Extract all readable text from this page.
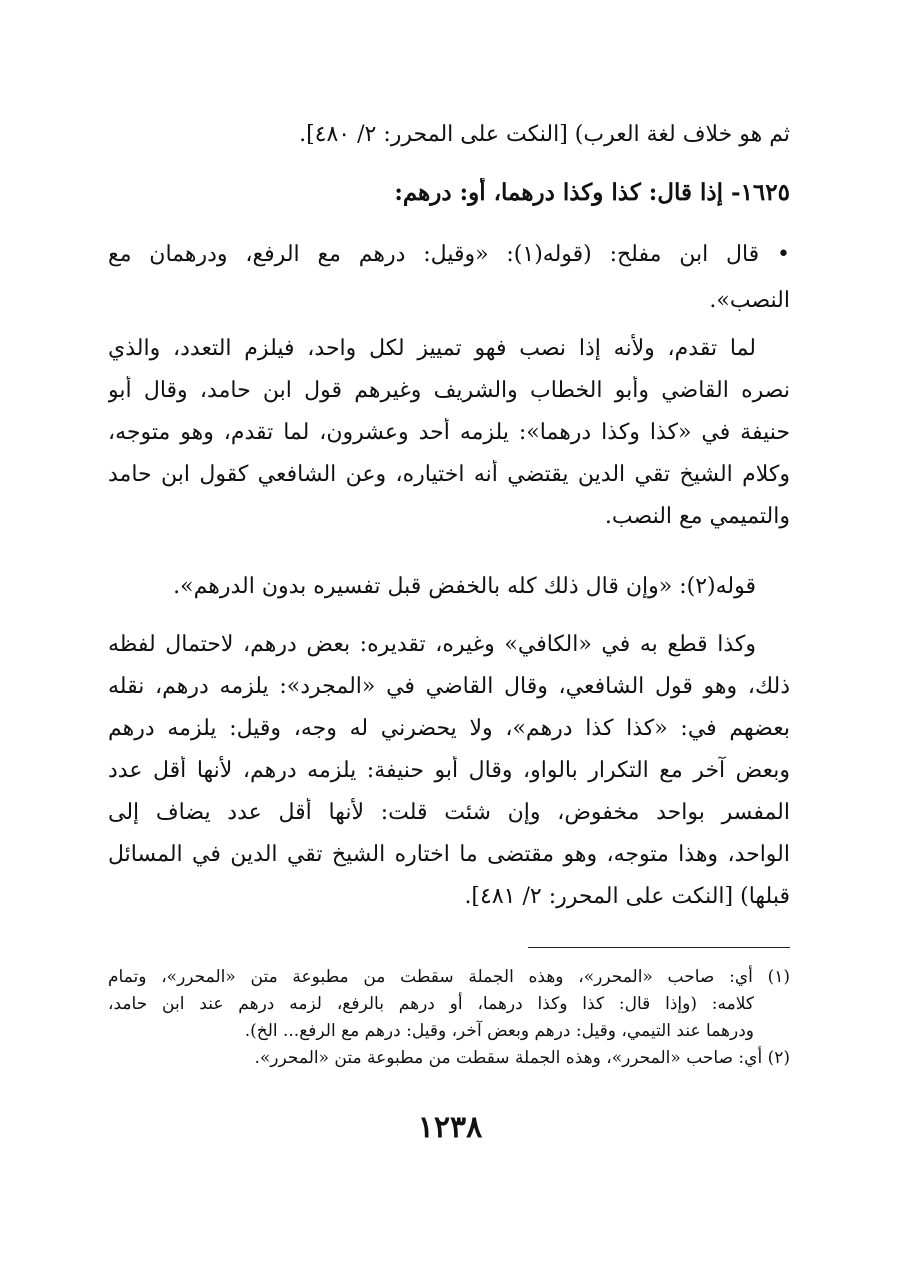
ثم هو خلاف لغة العرب) [النكت على المحرر: ٢/ ٤٨٠].
١٦٢٥- إذا قال: كذا وكذا درهما، أو: درهم:
• قال ابن مفلح: (قوله(١): «وقيل: درهم مع الرفع، ودرهمان مع
النصب».
لما تقدم، ولأنه إذا نصب فهو تمييز لكل واحد، فيلزم التعدد، والذي
نصره القاضي وأبو الخطاب والشريف وغيرهم قول ابن حامد، وقال أبو
حنيفة في «كذا وكذا درهما»: يلزمه أحد وعشرون، لما تقدم، وهو متوجه،
وكلام الشيخ تقي الدين يقتضي أنه اختياره، وعن الشافعي كقول ابن حامد
والتميمي مع النصب.
قوله(٢): «وإن قال ذلك كله بالخفض قبل تفسيره بدون الدرهم».
وكذا قطع به في «الكافي» وغيره، تقديره: بعض درهم، لاحتمال لفظه
ذلك، وهو قول الشافعي، وقال القاضي في «المجرد»: يلزمه درهم، نقله
بعضهم في: «كذا كذا درهم»، ولا يحضرني له وجه، وقيل: يلزمه درهم
وبعض آخر مع التكرار بالواو، وقال أبو حنيفة: يلزمه درهم، لأنها أقل عدد
المفسر بواحد مخفوض، وإن شئت قلت: لأنها أقل عدد يضاف إلى
الواحد، وهذا متوجه، وهو مقتضى ما اختاره الشيخ تقي الدين في المسائل
قبلها) [النكت على المحرر: ٢/ ٤٨١].
(١) أي: صاحب «المحرر»، وهذه الجملة سقطت من مطبوعة متن «المحرر»، وتمام
كلامه: (وإذا قال: كذا وكذا درهما، أو درهم بالرفع، لزمه درهم عند ابن حامد،
ودرهما عند التيمي، وقيل: درهم وبعض آخر، وقيل: درهم مع الرفع... الخ).
(٢) أي: صاحب «المحرر»، وهذه الجملة سقطت من مطبوعة متن «المحرر».
١٢٣٨
